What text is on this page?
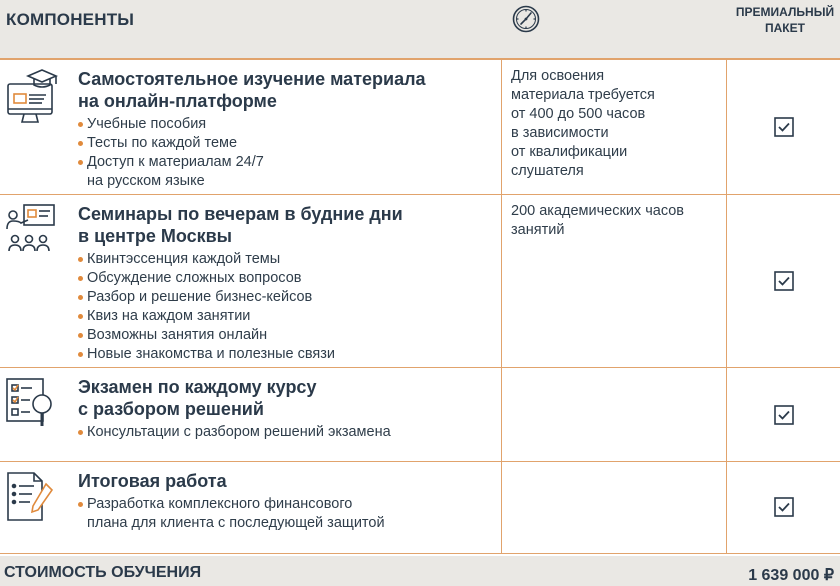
КОМПОНЕНТЫ	ПРЕМИАЛЬНЫЙ
ПАКЕТ
Самостоятельное изучение материала
на онлайн-платформе
Учебные пособия
Тесты по каждой теме
Доступ к материалам 24/7
на русском языке
Для освоения
материала требуется
от 400 до 500 часов
в зависимости
от квалификации
слушателя
Семинары по вечерам в будние дни
в центре Москвы
Квинтэссенция каждой темы
Обсуждение сложных вопросов
Разбор и решение бизнес-кейсов
Квиз на каждом занятии
Возможны занятия онлайн
Новые знакомства и полезные связи
200 академических часов
занятий
Экзамен по каждому курсу
с разбором решений
Консультации с разбором решений экзамена
Итоговая работа
Разработка комплексного финансового
плана для клиента с последующей защитой
СТОИМОСТЬ ОБУЧЕНИЯ	1 639 000 ₽
